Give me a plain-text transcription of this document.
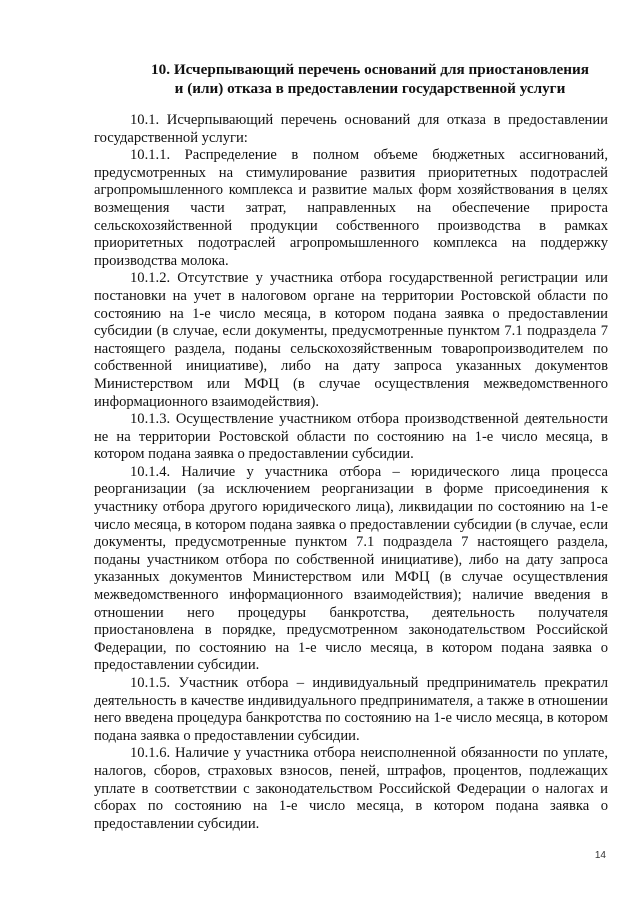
10. Исчерпывающий перечень оснований для приостановления
и (или) отказа в предоставлении государственной услуги

10.1. Исчерпывающий перечень оснований для отказа в предоставлении государственной услуги:

10.1.1. Распределение в полном объеме бюджетных ассигнований, предусмотренных на стимулирование развития приоритетных подотраслей агропромышленного комплекса и развитие малых форм хозяйствования в целях возмещения части затрат, направленных на обеспечение прироста сельскохозяйственной продукции собственного производства в рамках приоритетных подотраслей агропромышленного комплекса на поддержку производства молока.

10.1.2. Отсутствие у участника отбора государственной регистрации или постановки на учет в налоговом органе на территории Ростовской области по состоянию на 1-е число месяца, в котором подана заявка о предоставлении субсидии (в случае, если документы, предусмотренные пунктом 7.1 подраздела 7 настоящего раздела, поданы сельскохозяйственным товаропроизводителем по собственной инициативе), либо на дату запроса указанных документов Министерством или МФЦ (в случае осуществления межведомственного информационного взаимодействия).

10.1.3. Осуществление участником отбора производственной деятельности не на территории Ростовской области по состоянию на 1-е число месяца, в котором подана заявка о предоставлении субсидии.

10.1.4. Наличие у участника отбора – юридического лица процесса реорганизации (за исключением реорганизации в форме присоединения к участнику отбора другого юридического лица), ликвидации по состоянию на 1-е число месяца, в котором подана заявка о предоставлении субсидии (в случае, если документы, предусмотренные пунктом 7.1 подраздела 7 настоящего раздела, поданы участником отбора по собственной инициативе), либо на дату запроса указанных документов Министерством или МФЦ (в случае осуществления межведомственного информационного взаимодействия); наличие введения в отношении него процедуры банкротства, деятельность получателя приостановлена в порядке, предусмотренном законодательством Российской Федерации, по состоянию на 1-е число месяца, в котором подана заявка о предоставлении субсидии.

10.1.5. Участник отбора – индивидуальный предприниматель прекратил деятельность в качестве индивидуального предпринимателя, а также в отношении него введена процедура банкротства по состоянию на 1-е число месяца, в котором подана заявка о предоставлении субсидии.

10.1.6. Наличие у участника отбора неисполненной обязанности по уплате, налогов, сборов, страховых взносов, пеней, штрафов, процентов, подлежащих уплате в соответствии с законодательством Российской Федерации о налогах и сборах по состоянию на 1-е число месяца, в котором подана заявка о предоставлении субсидии.

14
